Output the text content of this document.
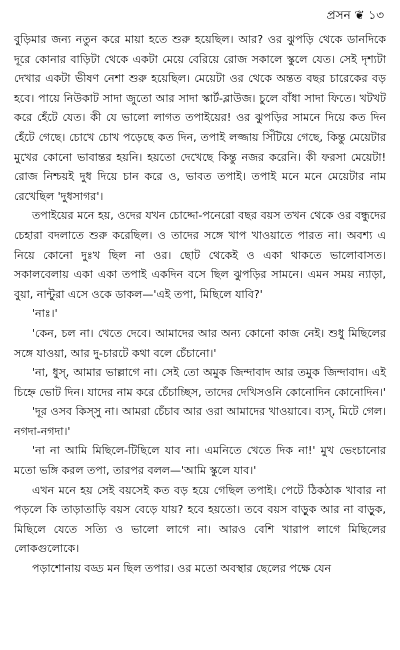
প্রসন ❦ ১৩

বুড়িমার জন্য নতুন করে মায়া হতে শুরু হয়েছিল। আর? ওর ঝুপড়ি থেকে ডানদিকে দূরে কোনার বাড়িটা থেকে একটা মেয়ে বেরিয়ে রোজ সকালে স্কুলে যেত। সেই দৃশ্যটা দেখার একটা ভীষণ নেশা শুরু হয়েছিল। মেয়েটা ওর থেকে অন্তত বছর চারেকের বড় হবে। পায়ে নিউকাট সাদা জুতো আর সাদা স্কার্ট-ব্লাউজ। চুলে বাঁধা সাদা ফিতে। খটখট করে হেঁটে যেত। কী যে ভালো লাগত তপাইয়ের! ওর ঝুপড়ির সামনে দিয়ে কত দিন হেঁটে গেছে। চোখে চোখ পড়েছে কত দিন, তপাই লজ্জায় সিঁটিয়ে গেছে, কিন্তু মেয়েটার মুখের কোনো ভাবান্তর হয়নি। হয়তো দেখেছে কিন্তু নজর করেনি। কী ফরসা মেয়েটা! রোজ নিশ্চয়ই দুধ দিয়ে চান করে ও, ভাবত তপাই। তপাই মনে মনে মেয়েটার নাম রেখেছিল 'দুধসাগর'।

তপাইয়ের মনে হয়, ওদের যখন চোদ্দো-পনেরো বছর বয়স তখন থেকে ওর বন্ধুদের চেহারা বদলাতে শুরু করেছিল। ও তাদের সঙ্গে খাপ খাওয়াতে পারত না। অবশ্য এ নিয়ে কোনো দুঃখ ছিল না ওর। ছোট থেকেই ও একা থাকতে ভালোবাসত। সকালবেলায় একা একা তপাই একদিন বসে ছিল ঝুপড়ির সামনে। এমন সময় ন্যাড়া, বুয়া, নান্টুরা এসে ওকে ডাকল—'এই তপা, মিছিলে যাবি?'

'নাঃ।'

'কেন, চল না। খেতে দেবে। আমাদের আর অন্য কোনো কাজ নেই। শুধু মিছিলের সঙ্গে যাওয়া, আর দু-চারটে কথা বলে চেঁচানো।'

'না, ধুস্, আমার ভাল্লাগে না। সেই তো অমুক জিন্দাবাদ আর তমুক জিন্দাবাদ। এই চিহ্নে ভোট দিন। যাদের নাম করে চেঁচাচ্ছিস, তাদের দেখিসওনি কোনোদিন কোনোদিন।'

'দূর ওসব কিস্সু না। আমরা চেঁচাব আর ওরা আমাদের খাওয়াবে। ব্যস্, মিটে গেল। নগদা-নগদা।'

'না না আমি মিছিলে-টিছিলে যাব না। এমনিতে খেতে দিক না!' মুখ ভেংচানোর মতো ভঙ্গি করল তপা, তারপর বলল—'আমি স্কুলে যাব।'

এখন মনে হয় সেই বয়সেই কত বড় হয়ে গেছিল তপাই। পেটে ঠিকঠাক খাবার না পড়লে কি তাড়াতাড়ি বয়স বেড়ে যায়? হবে হয়তো। তবে বয়স বাড়ুক আর না বাড়ুক, মিছিলে যেতে সত্যি ও ভালো লাগে না। আরও বেশি খারাপ লাগে মিছিলের লোকগুলোকে।

পড়াশোনায় বড্ড মন ছিল তপার। ওর মতো অবস্থার ছেলের পক্ষে যেন
